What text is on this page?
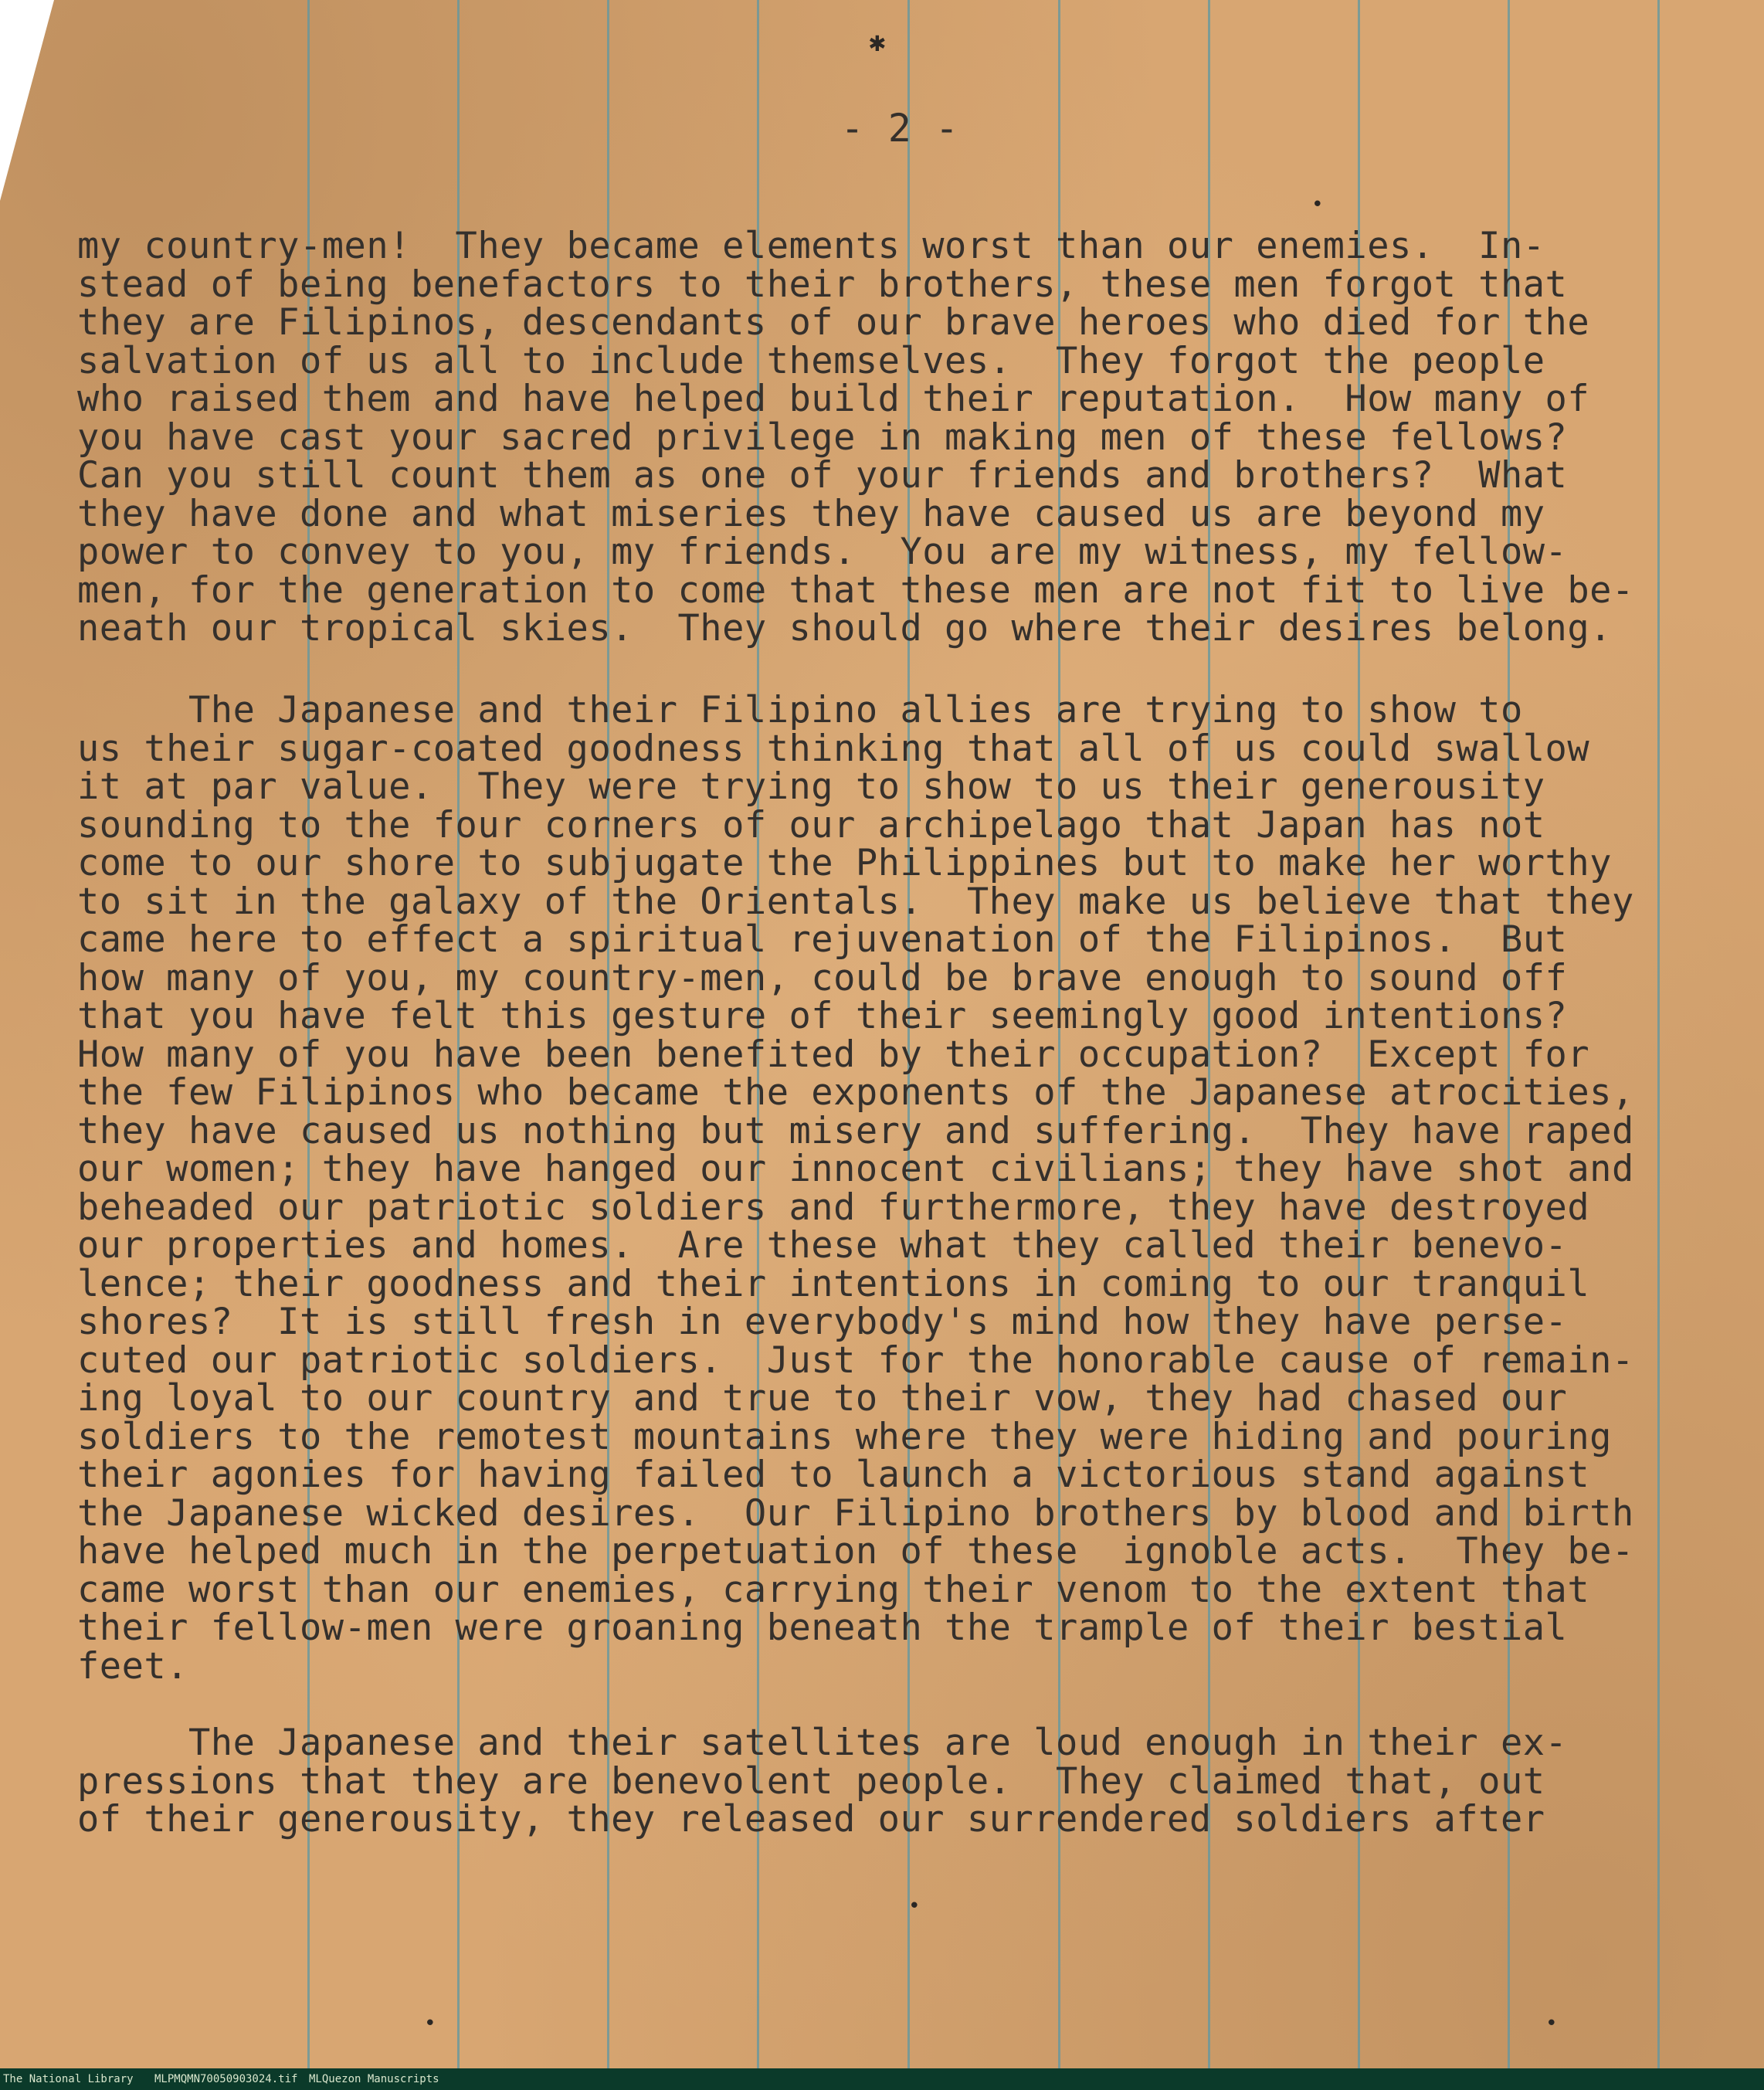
✱
•
•
•	•
- 2 -

my country-men!  They became elements worst than our enemies.  In-
stead of being benefactors to their brothers, these men forgot that
they are Filipinos, descendants of our brave heroes who died for the
salvation of us all to include themselves.  They forgot the people
who raised them and have helped build their reputation.  How many of
you have cast your sacred privilege in making men of these fellows?
Can you still count them as one of your friends and brothers?  What
they have done and what miseries they have caused us are beyond my
power to convey to you, my friends.  You are my witness, my fellow-
men, for the generation to come that these men are not fit to live be-
neath our tropical skies.  They should go where their desires belong.

The Japanese and their Filipino allies are trying to show to
us their sugar-coated goodness thinking that all of us could swallow
it at par value.  They were trying to show to us their generousity
sounding to the four corners of our archipelago that Japan has not
come to our shore to subjugate the Philippines but to make her worthy
to sit in the galaxy of the Orientals.  They make us believe that they
came here to effect a spiritual rejuvenation of the Filipinos.  But
how many of you, my country-men, could be brave enough to sound off
that you have felt this gesture of their seemingly good intentions?
How many of you have been benefited by their occupation?  Except for
the few Filipinos who became the exponents of the Japanese atrocities,
they have caused us nothing but misery and suffering.  They have raped
our women; they have hanged our innocent civilians; they have shot and
beheaded our patriotic soldiers and furthermore, they have destroyed
our properties and homes.  Are these what they called their benevo-
lence; their goodness and their intentions in coming to our tranquil
shores?  It is still fresh in everybody's mind how they have perse-
cuted our patriotic soldiers.  Just for the honorable cause of remain-
ing loyal to our country and true to their vow, they had chased our
soldiers to the remotest mountains where they were hiding and pouring
their agonies for having failed to launch a victorious stand against
the Japanese wicked desires.  Our Filipino brothers by blood and birth
have helped much in the perpetuation of these  ignoble acts.  They be-
came worst than our enemies, carrying their venom to the extent that
their fellow-men were groaning beneath the trample of their bestial
feet.

The Japanese and their satellites are loud enough in their ex-
pressions that they are benevolent people.  They claimed that, out
of their generousity, they released our surrendered soldiers after

The National Library MLPMQMN70050903024.tif MLQuezon Manuscripts
